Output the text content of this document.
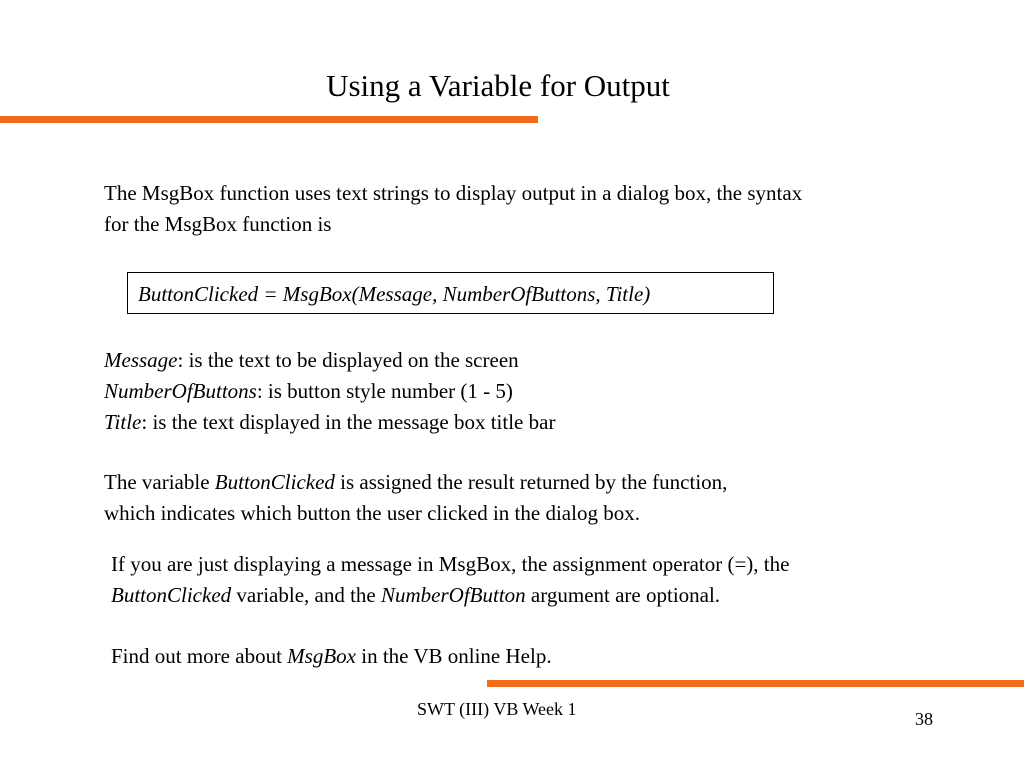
Using a Variable for Output
The MsgBox function uses text strings to display output in a dialog box, the syntax
for the MsgBox function is
ButtonClicked = MsgBox(Message, NumberOfButtons, Title)
Message: is the text to be displayed on the screen
NumberOfButtons: is button style number (1 - 5)
Title: is the text displayed in the message box title bar
The variable ButtonClicked is assigned the result returned by the function,
which indicates which button the user clicked in the dialog box.
If you are just displaying a message in MsgBox, the assignment operator (=), the
ButtonClicked variable, and the NumberOfButton argument are optional.
Find out more about MsgBox in the VB online Help.
SWT (III) VB Week 1	38
